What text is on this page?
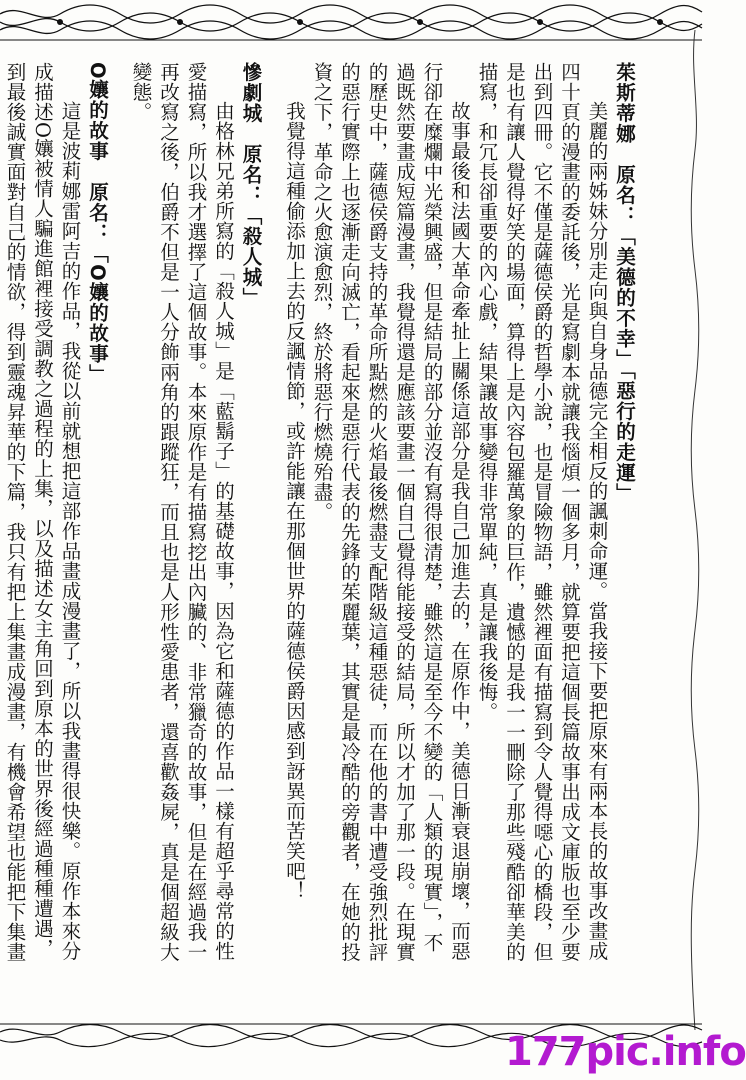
茱斯蒂娜　原名：「美德的不幸」「惡行的走運」

美麗的兩姊妹分別走向與自身品德完全相反的諷刺命運。當我接下要把原來有兩本長的故事改畫成四十頁的漫畫的委託後，光是寫劇本就讓我惱煩一個多月，就算要把這個長篇故事出成文庫版也至少要出到四冊。它不僅是薩德侯爵的哲學小說，也是冒險物語，雖然裡面有描寫到令人覺得噁心的橋段，但是也有讓人覺得好笑的場面，算得上是內容包羅萬象的巨作，遺憾的是我一一刪除了那些殘酷卻華美的描寫，和冗長卻重要的內心戲，結果讓故事變得非常單純，真是讓我後悔。

故事最後和法國大革命牽扯上關係這部分是我自己加進去的，在原作中，美德日漸衰退崩壞，而惡行卻在糜爛中光榮興盛，但是結局的部分並沒有寫得很清楚，雖然這是至今不變的「人類的現實」，不過既然要畫成短篇漫畫，我覺得還是應該要畫一個自己覺得能接受的結局，所以才加了那一段。在現實的歷史中，薩德侯爵支持的革命所點燃的火焰最後燃盡支配階級這種惡徒，而在他的書中遭受強烈批評的惡行實際上也逐漸走向滅亡，看起來是惡行代表的先鋒的茱麗葉，其實是最冷酷的旁觀者，在她的投資之下，革命之火愈演愈烈，終於將惡行燃燒殆盡。

我覺得這種偷添加上去的反諷情節，或許能讓在那個世界的薩德侯爵因感到訝異而苦笑吧！

慘劇城　原名：「殺人城」

由格林兄弟所寫的「殺人城」是「藍鬍子」的基礎故事，因為它和薩德的作品一樣有超乎尋常的性愛描寫，所以我才選擇了這個故事。本來原作是有描寫挖出內臟的、非常獵奇的故事，但是在經過我一再改寫之後，伯爵不但是一人分飾兩角的跟蹤狂，而且也是人形性愛患者，還喜歡姦屍，真是個超級大變態。

O孃的故事　原名：「O孃的故事」

這是波莉娜雷阿吉的作品，我從以前就想把這部作品畫成漫畫了，所以我畫得很快樂。原作本來分成描述O孃被情人騙進館裡接受調教之過程的上集，以及描述女主角回到原本的世界後經過種種遭遇，到最後誠實面對自己的情欲，得到靈魂昇華的下篇，我只有把上集畫成漫畫，有機會希望也能把下集畫

177pic.info
